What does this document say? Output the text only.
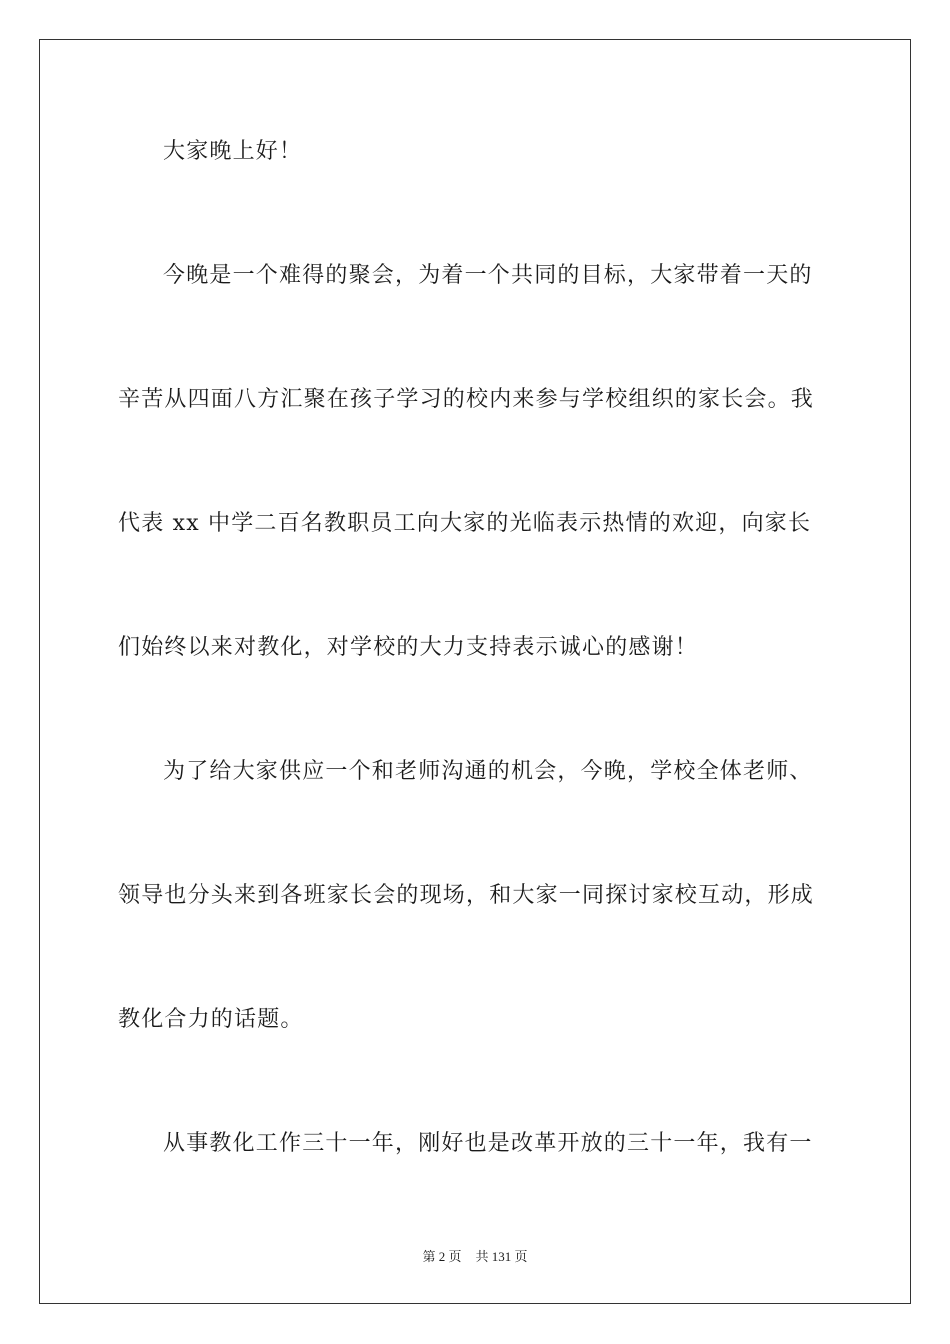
大家晚上好！
今晚是一个难得的聚会，为着一个共同的目标，大家带着一天的
辛苦从四面八方汇聚在孩子学习的校内来参与学校组织的家长会。我
代表 xx 中学二百名教职员工向大家的光临表示热情的欢迎，向家长
们始终以来对教化，对学校的大力支持表示诚心的感谢！
为了给大家供应一个和老师沟通的机会，今晚，学校全体老师、
领导也分头来到各班家长会的现场，和大家一同探讨家校互动，形成
教化合力的话题。
从事教化工作三十一年，刚好也是改革开放的三十一年，我有一
第 2 页 共 131 页
